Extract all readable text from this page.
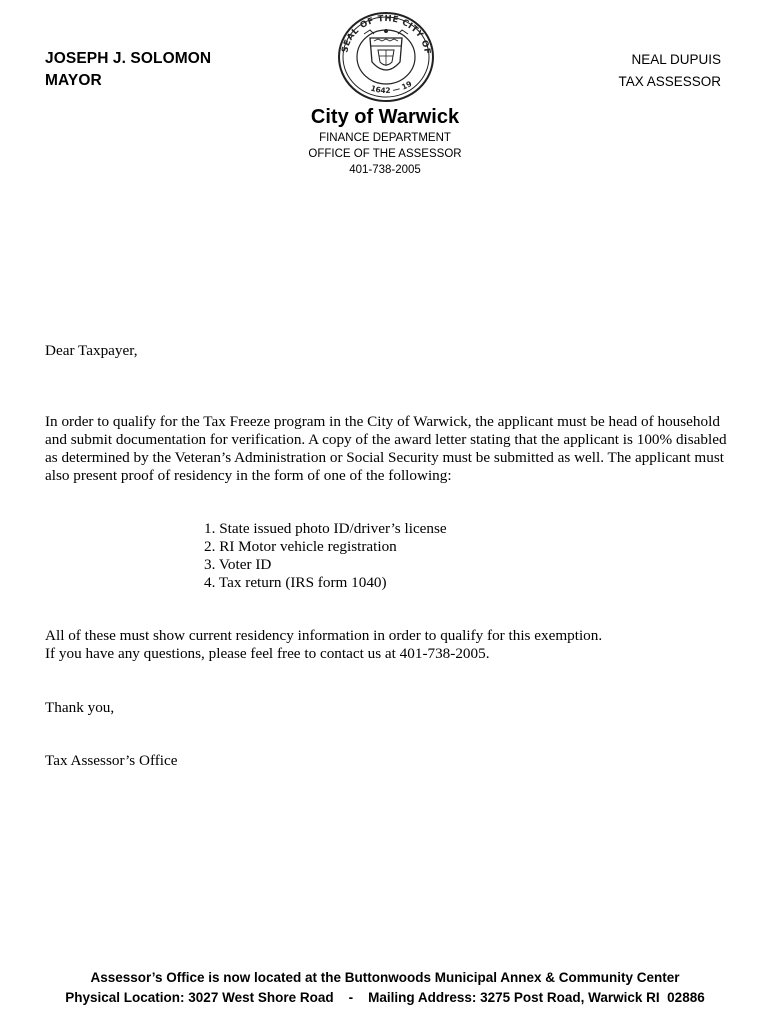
JOSEPH J. SOLOMON
MAYOR
SEAL OF THE CITY OF
1642 — 19
NEAL DUPUIS
TAX ASSESSOR
City of Warwick
FINANCE DEPARTMENT
OFFICE OF THE ASSESSOR
401-738-2005
Dear Taxpayer,
In order to qualify for the Tax Freeze program in the City of Warwick, the applicant must be head of household
and submit documentation for verification. A copy of the award letter stating that the applicant is 100% disabled
as determined by the Veteran’s Administration or Social Security must be submitted as well. The applicant must
also present proof of residency in the form of one of the following:
1. State issued photo ID/driver’s license
2. RI Motor vehicle registration
3. Voter ID
4. Tax return (IRS form 1040)
All of these must show current residency information in order to qualify for this exemption.
If you have any questions, please feel free to contact us at 401-738-2005.
Thank you,
Tax Assessor’s Office
Assessor’s Office is now located at the Buttonwoods Municipal Annex & Community Center
Physical Location: 3027 West Shore Road    -    Mailing Address: 3275 Post Road, Warwick RI  02886
